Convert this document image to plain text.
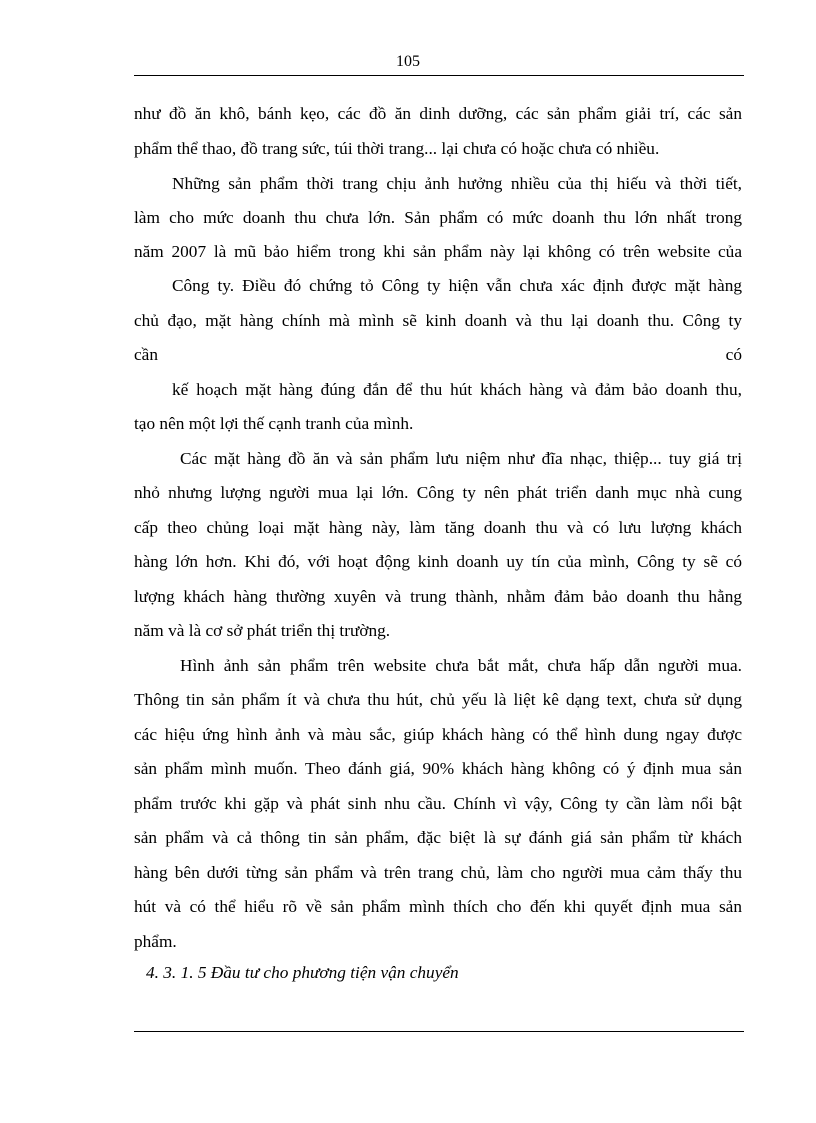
105
như đồ ăn khô, bánh kẹo, các đồ ăn dinh dưỡng, các sản phẩm giải trí, các sản
phẩm thể thao, đồ trang sức, túi thời trang... lại chưa có hoặc chưa có nhiều.
Những sản phẩm thời trang chịu ảnh hưởng nhiều của thị hiếu và thời tiết,
làm cho mức doanh thu chưa lớn. Sản phẩm có mức doanh thu lớn nhất trong
năm 2007 là mũ bảo hiểm trong khi sản phẩm này lại không có trên website của
Công ty. Điều đó chứng tỏ Công ty hiện vẫn chưa xác định được mặt hàng
chủ đạo, mặt hàng chính mà mình sẽ kinh doanh và thu lại doanh thu. Công ty
cần có
kế hoạch mặt hàng đúng đắn để thu hút khách hàng và đảm bảo doanh thu,
tạo nên một lợi thế cạnh tranh của mình.
Các mặt hàng đồ ăn và sản phẩm lưu niệm như đĩa nhạc, thiệp... tuy giá trị
nhỏ nhưng lượng người mua lại lớn. Công ty nên phát triển danh mục nhà cung
cấp theo chủng loại mặt hàng này, làm tăng doanh thu và có lưu lượng khách
hàng lớn hơn. Khi đó, với hoạt động kinh doanh uy tín của mình, Công ty sẽ có
lượng khách hàng thường xuyên và trung thành, nhằm đảm bảo doanh thu hằng
năm và là cơ sở phát triển thị trường.
Hình ảnh sản phẩm trên website chưa bắt mắt, chưa hấp dẫn người mua.
Thông tin sản phẩm ít và chưa thu hút, chủ yếu là liệt kê dạng text, chưa sử dụng
các hiệu ứng hình ảnh và màu sắc, giúp khách hàng có thể hình dung ngay được
sản phẩm mình muốn. Theo đánh giá, 90% khách hàng không có ý định mua sản
phẩm trước khi gặp và phát sinh nhu cầu. Chính vì vậy, Công ty cần làm nổi bật
sản phẩm và cả thông tin sản phẩm, đặc biệt là sự đánh giá sản phẩm từ khách
hàng bên dưới từng sản phẩm và trên trang chủ, làm cho người mua cảm thấy thu
hút và có thể hiểu rõ về sản phẩm mình thích cho đến khi quyết định mua sản
phẩm.
4. 3. 1. 5 Đầu tư cho phương tiện vận chuyển
